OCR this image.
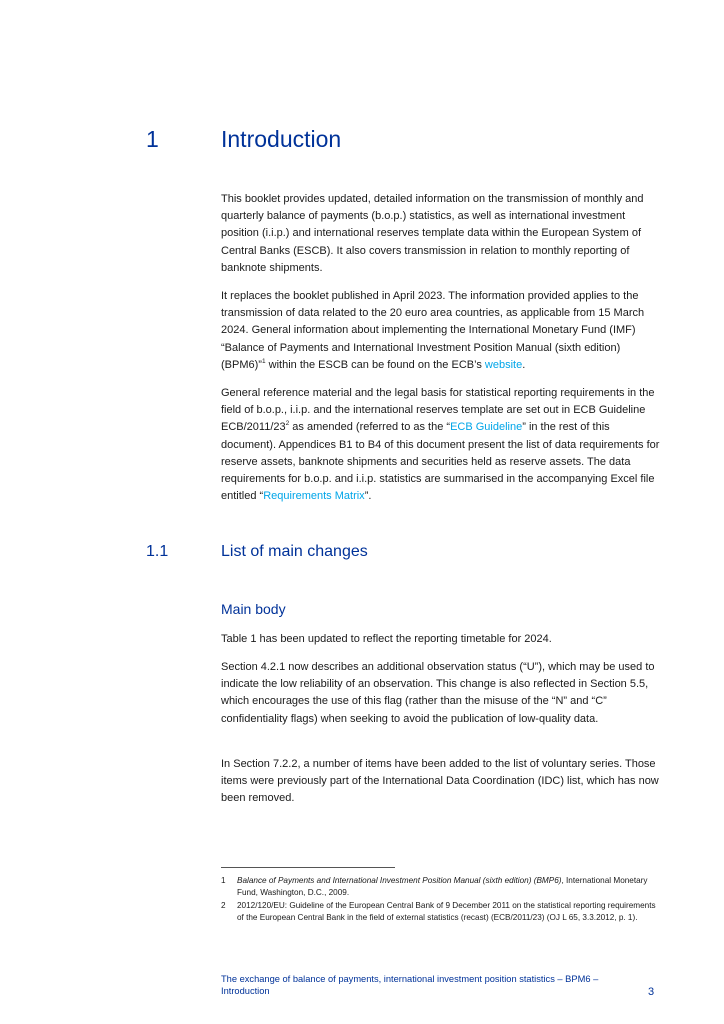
1	Introduction

This booklet provides updated, detailed information on the transmission of monthly and quarterly balance of payments (b.o.p.) statistics, as well as international investment position (i.i.p.) and international reserves template data within the European System of Central Banks (ESCB). It also covers transmission in relation to monthly reporting of banknote shipments.

It replaces the booklet published in April 2023. The information provided applies to the transmission of data related to the 20 euro area countries, as applicable from 15 March 2024. General information about implementing the International Monetary Fund (IMF) “Balance of Payments and International Investment Position Manual (sixth edition) (BPM6)”$^1$ within the ESCB can be found on the ECB’s website.

General reference material and the legal basis for statistical reporting requirements in the field of b.o.p., i.i.p. and the international reserves template are set out in ECB Guideline ECB/$2011/23^2$ as amended (referred to as the “ECB Guideline” in the rest of this document). Appendices B1 to B4 of this document present the list of data requirements for reserve assets, banknote shipments and securities held as reserve assets. The data requirements for b.o.p. and i.i.p. statistics are summarised in the accompanying Excel file entitled “Requirements Matrix”.

1.1	List of main changes
Main body

Table 1 has been updated to reflect the reporting timetable for 2024.

Section 4.2.1 now describes an additional observation status (“U”), which may be used to indicate the low reliability of an observation. This change is also reflected in Section 5.5, which encourages the use of this flag (rather than the misuse of the “N” and “C” confidentiality flags) when seeking to avoid the publication of low-quality data.

In Section 7.2.2, a number of items have been added to the list of voluntary series. Those items were previously part of the International Data Coordination (IDC) list, which has now been removed.

1	Balance of Payments and International Investment Position Manual (sixth edition) (BMP6), International Monetary Fund, Washington, D.C., 2009.
2	2012/120/EU: Guideline of the European Central Bank of 9 December 2011 on the statistical reporting requirements of the European Central Bank in the field of external statistics (recast) (ECB/2011/23) (OJ L 65, 3.3.2012, p. 1).
The exchange of balance of payments, international investment position statistics – BPM6 –
Introduction	3
